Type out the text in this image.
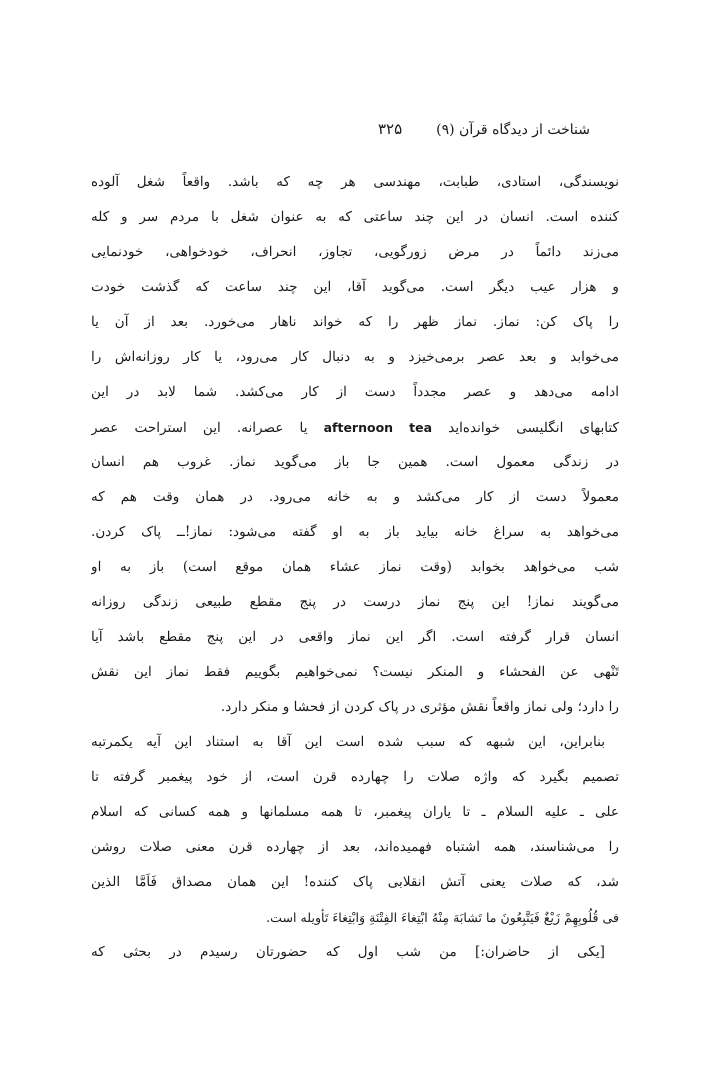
شناخت از دیدگاه قرآن (۹)
۳۲۵
نویسندگی، استادی، طبابت، مهندسی هر چه که باشد. واقعاً شغل آلوده
کننده است. انسان در این چند ساعتی که به عنوان شغل با مردم سر و کله
می‌زند دائماً در مرض زورگویی، تجاوز، انحراف، خودخواهی، خودنمایی
و هزار عیب دیگر است. می‌گوید آقا، این چند ساعت که گذشت خودت
را پاک کن: نماز. نماز ظهر را که خواند ناهار می‌خورد. بعد از آن یا
می‌خوابد و بعد عصر برمی‌خیزد و به دنبال کار می‌رود، یا کار روزانه‌اش را
ادامه می‌دهد و عصر مجدداً دست از کار می‌کشد. شما لابد در این
کتابهای انگلیسی خوانده‌اید afternoon tea یا عصرانه. این استراحت عصر
در زندگی معمول است. همین جا باز می‌گوید نماز. غروب هم انسان
معمولاً دست از کار می‌کشد و به خانه می‌رود. در همان وقت هم که
می‌خواهد به سراغ خانه بیاید باز به او گفته می‌شود: نماز!ــ پاک کردن.
شب می‌خواهد بخوابد (وقت نماز عشاء همان موقع است) باز به او
می‌گویند نماز! این پنج نماز درست در پنج مقطع طبیعی زندگی روزانه
انسان قرار گرفته است. اگر این نماز واقعی در این پنج مقطع باشد آیا
تَنْهی عن الفحشاء و المنکر نیست؟ نمی‌خواهیم بگوییم فقط نماز این نقش
را دارد؛ ولی نماز واقعاً نقش مؤثری در پاک کردن از فحشا و منکر دارد.
بنابراین، این شبهه که سبب شده است این آقا به استناد این آیه یکمرتبه
تصمیم بگیرد که واژه صلات را چهارده قرن است، از خود پیغمبر گرفته تا
علی ـ علیه السلام ـ تا یاران پیغمبر، تا همه مسلمانها و همه کسانی که اسلام
را می‌شناسند، همه اشتباه فهمیده‌اند، بعد از چهارده قرن معنی صلات روشن
شد، که صلات یعنی آتش انقلابی پاک کننده! این همان مصداق فَاَمَّا الذین
فی قُلُوبِهِمْ زَیْغٌ فَیَتَّبِعُونَ ما تَشابَهَ مِنْهُ ابْتِغاءَ الفِتْنَةِ وَابْتِغاءَ تَأویله است.
[یکی از حاضران:] من شب اول که حضورتان رسیدم در بحثی که
